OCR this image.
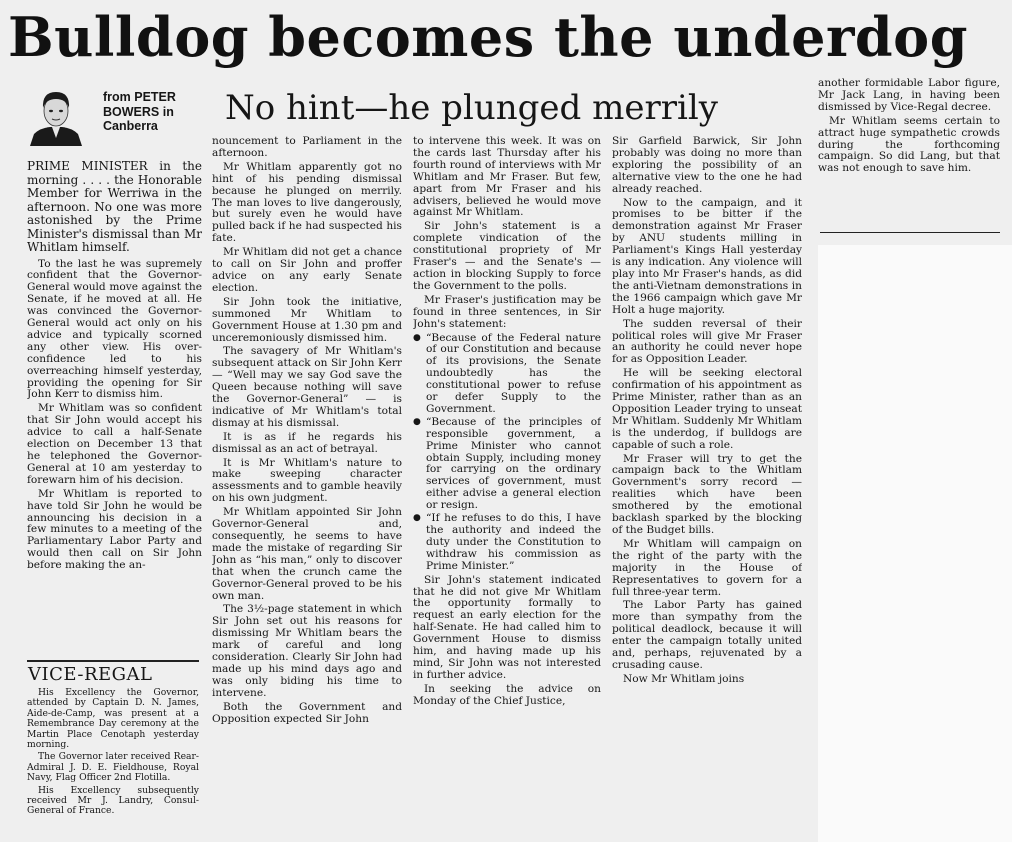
Bulldog becomes the underdog
from PETER
BOWERS in
Canberra	No hint—he plunged merrily

PRIME MINISTER in the morning . . . . the Honorable Member for Werriwa in the afternoon. No one was more astonished by the Prime Minister's dismissal than Mr Whitlam himself.

To the last he was supremely confident that the Governor-General would move against the Senate, if he moved at all. He was convinced the Governor-General would act only on his advice and typically scorned any other view. His over-confidence led to his overreaching himself yesterday, providing the opening for Sir John Kerr to dismiss him.

Mr Whitlam was so confident that Sir John would accept his advice to call a half-Senate election on December 13 that he telephoned the Governor-General at 10 am yesterday to forewarn him of his decision.

Mr Whitlam is reported to have told Sir John he would be announcing his decision in a few minutes to a meeting of the Parliamentary Labor Party and would then call on Sir John before making the an-

VICE-REGAL

His Excellency the Governor, attended by Captain D. N. James, Aide-de-Camp, was present at a Remembrance Day ceremony at the Martin Place Cenotaph yesterday morning.

The Governor later received Rear-Admiral J. D. E. Fieldhouse, Royal Navy, Flag Officer 2nd Flotilla.

His Excellency subsequently received Mr J. Landry, Consul-General of France.

nouncement to Parliament in the afternoon.

Mr Whitlam apparently got no hint of his pending dismissal because he plunged on merrily. The man loves to live dangerously, but surely even he would have pulled back if he had suspected his fate.

Mr Whitlam did not get a chance to call on Sir John and proffer advice on any early Senate election.

Sir John took the initiative, summoned Mr Whitlam to Government House at 1.30 pm and unceremoniously dismissed him.

The savagery of Mr Whitlam's subsequent attack on Sir John Kerr — “Well may we say God save the Queen because nothing will save the Governor-General” — is indicative of Mr Whitlam's total dismay at his dismissal.

It is as if he regards his dismissal as an act of betrayal.

It is Mr Whitlam's nature to make sweeping character assessments and to gamble heavily on his own judgment.

Mr Whitlam appointed Sir John Governor-General and, consequently, he seems to have made the mistake of regarding Sir John as “his man,” only to discover that when the crunch came the Governor-General proved to be his own man.

The 3½-page statement in which Sir John set out his reasons for dismissing Mr Whitlam bears the mark of careful and long consideration. Clearly Sir John had made up his mind days ago and was only biding his time to intervene.

Both the Government and Opposition expected Sir John

to intervene this week. It was on the cards last Thursday after his fourth round of interviews with Mr Whitlam and Mr Fraser. But few, apart from Mr Fraser and his advisers, believed he would move against Mr Whitlam.

Sir John's statement is a complete vindication of the constitutional propriety of Mr Fraser's — and the Senate's — action in blocking Supply to force the Government to the polls.

Mr Fraser's justification may be found in three sentences, in Sir John's statement:

● “Because of the Federal nature of our Constitution and because of its provisions, the Senate undoubtedly has the constitutional power to refuse or defer Supply to the Government.
● “Because of the principles of responsible government, a Prime Minister who cannot obtain Supply, including money for carrying on the ordinary services of government, must either advise a general election or resign.
● “If he refuses to do this, I have the authority and indeed the duty under the Constitution to withdraw his commission as Prime Minister.”

Sir John's statement indicated that he did not give Mr Whitlam the opportunity formally to request an early election for the half-Senate. He had called him to Government House to dismiss him, and having made up his mind, Sir John was not interested in further advice.

In seeking the advice on Monday of the Chief Justice,

Sir Garfield Barwick, Sir John probably was doing no more than exploring the possibility of an alternative view to the one he had already reached.

Now to the campaign, and it promises to be bitter if the demonstration against Mr Fraser by ANU students milling in Parliament's Kings Hall yesterday is any indication. Any violence will play into Mr Fraser's hands, as did the anti-Vietnam demonstrations in the 1966 campaign which gave Mr Holt a huge majority.

The sudden reversal of their political roles will give Mr Fraser an authority he could never hope for as Opposition Leader.

He will be seeking electoral confirmation of his appointment as Prime Minister, rather than as an Opposition Leader trying to unseat Mr Whitlam. Suddenly Mr Whitlam is the underdog, if bulldogs are capable of such a role.

Mr Fraser will try to get the campaign back to the Whitlam Government's sorry record — realities which have been smothered by the emotional backlash sparked by the blocking of the Budget bills.

Mr Whitlam will campaign on the right of the party with the majority in the House of Representatives to govern for a full three-year term.

The Labor Party has gained more than sympathy from the political deadlock, because it will enter the campaign totally united and, perhaps, rejuvenated by a crusading cause.

Now Mr Whitlam joins

another formidable Labor figure, Mr Jack Lang, in having been dismissed by Vice-Regal decree.

Mr Whitlam seems certain to attract huge sympathetic crowds during the forthcoming campaign. So did Lang, but that was not enough to save him.
